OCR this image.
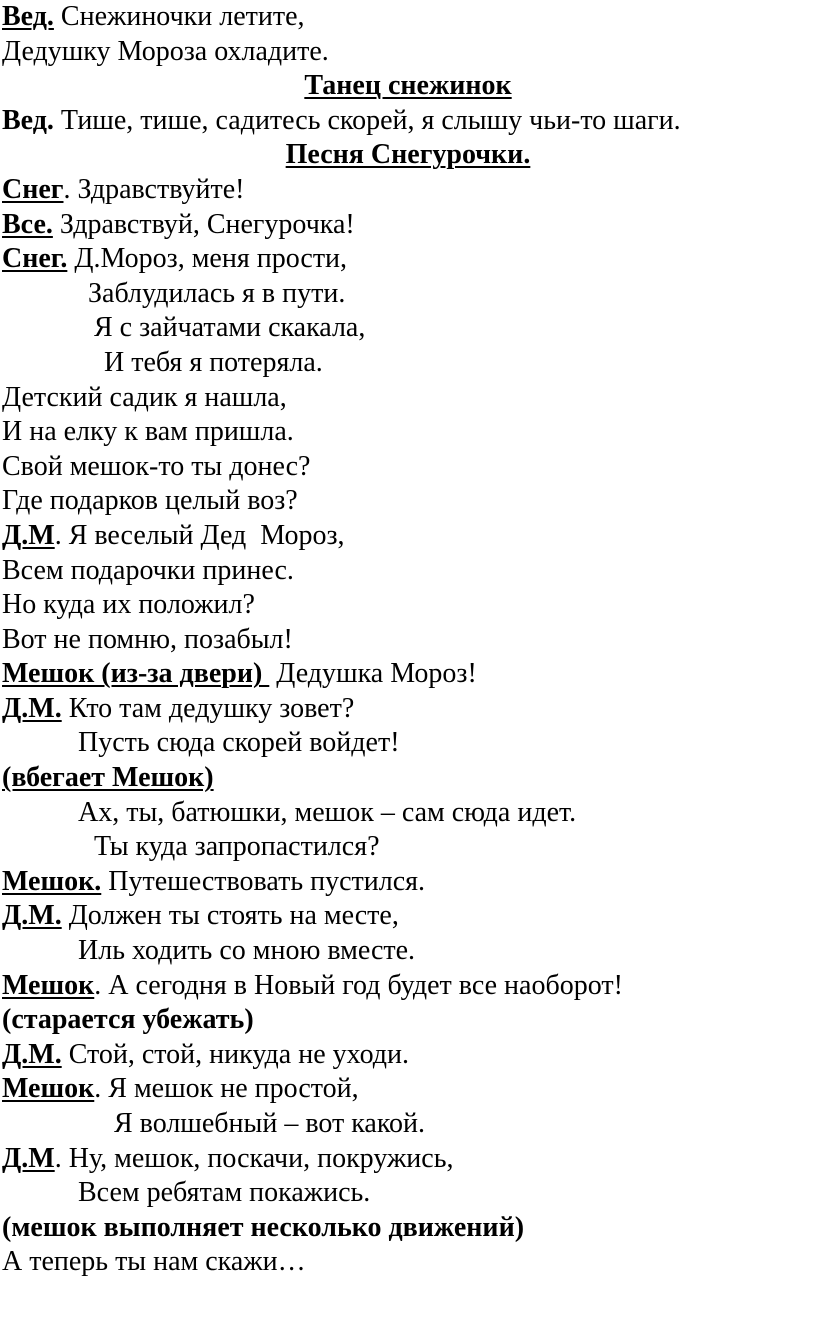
Вед. Снежиночки летите,
Дедушку Мороза охладите.
Танец снежинок
Вед. Тише, тише, садитесь скорей, я слышу чьи-то шаги.
Песня Снегурочки.
Снег. Здравствуйте!
Все. Здравствуй, Снегурочка!
Снег. Д.Мороз, меня прости,
Заблудилась я в пути.
Я с зайчатами скакала,
И тебя я потеряла.
Детский садик я нашла,
И на елку к вам пришла.
Свой мешок-то ты донес?
Где подарков целый воз?
Д.М. Я веселый Дед  Мороз,
Всем подарочки принес.
Но куда их положил?
Вот не помню, позабыл!
Мешок (из-за двери)  Дедушка Мороз!
Д.М. Кто там дедушку зовет?
Пусть сюда скорей войдет!
(вбегает Мешок)
Ах, ты, батюшки, мешок – сам сюда идет.
Ты куда запропастился?
Мешок. Путешествовать пустился.
Д.М. Должен ты стоять на месте,
Иль ходить со мною вместе.
Мешок. А сегодня в Новый год будет все наоборот!
(старается убежать)
Д.М. Стой, стой, никуда не уходи.
Мешок. Я мешок не простой,
Я волшебный – вот какой.
Д.М. Ну, мешок, поскачи, покружись,
Всем ребятам покажись.
(мешок выполняет несколько движений)
А теперь ты нам скажи…
